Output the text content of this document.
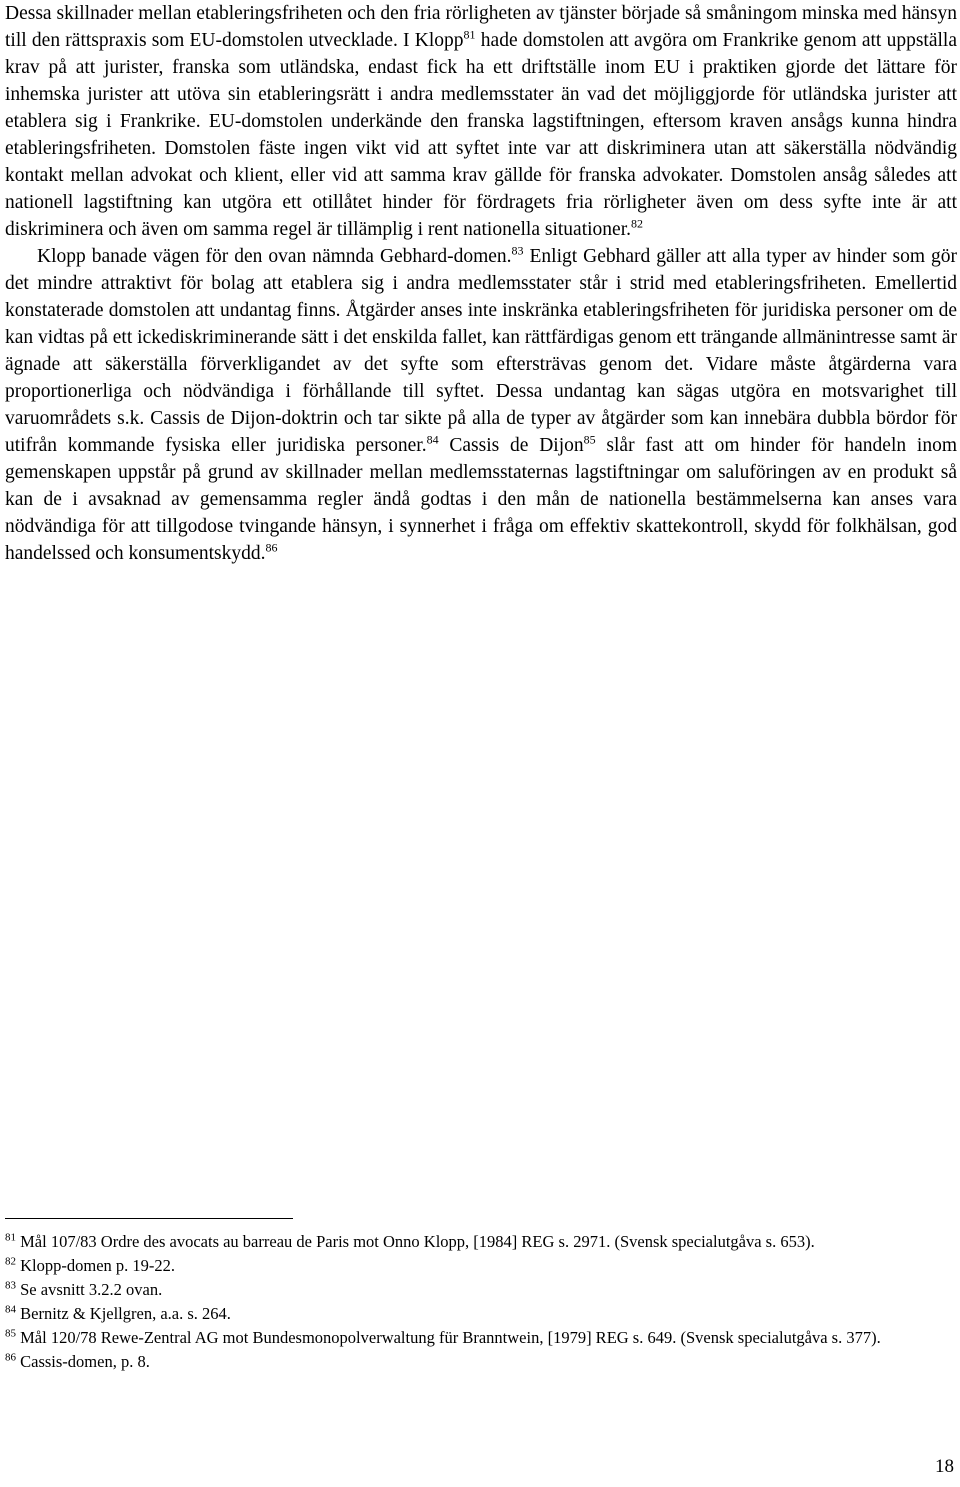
Dessa skillnader mellan etableringsfriheten och den fria rörligheten av tjänster började så småningom minska med hänsyn till den rättspraxis som EU-domstolen utvecklade. I Klopp$^{81}$ hade domstolen att avgöra om Frankrike genom att uppställa krav på att jurister, franska som utländska, endast fick ha ett driftställe inom EU i praktiken gjorde det lättare för inhemska jurister att utöva sin etableringsrätt i andra medlemsstater än vad det möjliggjorde för utländska jurister att etablera sig i Frankrike. EU-domstolen underkände den franska lagstiftningen, eftersom kraven ansågs kunna hindra etableringsfriheten. Domstolen fäste ingen vikt vid att syftet inte var att diskriminera utan att säkerställa nödvändig kontakt mellan advokat och klient, eller vid att samma krav gällde för franska advokater. Domstolen ansåg således att nationell lagstiftning kan utgöra ett otillåtet hinder för fördragets fria rörligheter även om dess syfte inte är att diskriminera och även om samma regel är tillämplig i rent nationella situationer.$^{82}$

Klopp banade vägen för den ovan nämnda Gebhard-domen.$^{83}$ Enligt Gebhard gäller att alla typer av hinder som gör det mindre attraktivt för bolag att etablera sig i andra medlemsstater står i strid med etableringsfriheten. Emellertid konstaterade domstolen att undantag finns. Åtgärder anses inte inskränka etableringsfriheten för juridiska personer om de kan vidtas på ett ickediskriminerande sätt i det enskilda fallet, kan rättfärdigas genom ett trängande allmänintresse samt är ägnade att säkerställa förverkligandet av det syfte som eftersträvas genom det. Vidare måste åtgärderna vara proportionerliga och nödvändiga i förhållande till syftet. Dessa undantag kan sägas utgöra en motsvarighet till varuområdets s.k. Cassis de Dijon-doktrin och tar sikte på alla de typer av åtgärder som kan innebära dubbla bördor för utifrån kommande fysiska eller juridiska personer.$^{84}$ Cassis de Dijon$^{85}$ slår fast att om hinder för handeln inom gemenskapen uppstår på grund av skillnader mellan medlemsstaternas lagstiftningar om saluföringen av en produkt så kan de i avsaknad av gemensamma regler ändå godtas i den mån de nationella bestämmelserna kan anses vara nödvändiga för att tillgodose tvingande hänsyn, i synnerhet i fråga om effektiv skattekontroll, skydd för folkhälsan, god handelssed och konsumentskydd.$^{86}$

$^{81}$ Mål 107/83 Ordre des avocats au barreau de Paris mot Onno Klopp, [1984] REG s. 2971. (Svensk specialutgåva s. 653).

$^{82}$ Klopp-domen p. 19-22.

$^{83}$ Se avsnitt 3.2.2 ovan.

$^{84}$ Bernitz & Kjellgren, a.a. s. 264.

$^{85}$ Mål 120/78 Rewe-Zentral AG mot Bundesmonopolverwaltung für Branntwein, [1979] REG s. 649. (Svensk specialutgåva s. 377).

$^{86}$ Cassis-domen, p. 8.

18
